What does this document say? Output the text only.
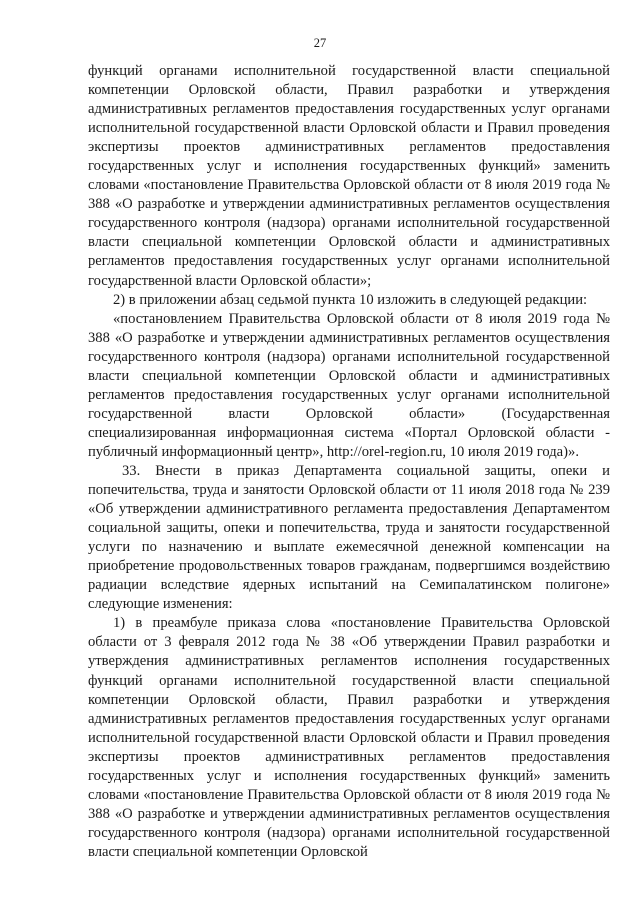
27

функций органами исполнительной государственной власти специальной компетенции Орловской области, Правил разработки и утверждения административных регламентов предоставления государственных услуг органами исполнительной государственной власти Орловской области и Правил проведения экспертизы проектов административных регламентов предоставления государственных услуг и исполнения государственных функций» заменить словами «постановление Правительства Орловской области от 8 июля 2019 года № 388 «О разработке и утверждении административных регламентов осуществления государственного контроля (надзора) органами исполнительной государственной власти специальной компетенции Орловской области и административных регламентов предоставления государственных услуг органами исполнительной государственной власти Орловской области»;

2) в приложении абзац седьмой пункта 10 изложить в следующей редакции:

«постановлением Правительства Орловской области от 8 июля 2019 года № 388 «О разработке и утверждении административных регламентов осуществления государственного контроля (надзора) органами исполнительной государственной власти специальной компетенции Орловской области и административных регламентов предоставления государственных услуг органами исполнительной государственной власти Орловской области» (Государственная специализированная информационная система «Портал Орловской области - публичный информационный центр», http://orel-region.ru, 10 июля 2019 года)».

33. Внести в приказ Департамента социальной защиты, опеки и попечительства, труда и занятости Орловской области от 11 июля 2018 года № 239 «Об утверждении административного регламента предоставления Департаментом социальной защиты, опеки и попечительства, труда и занятости государственной услуги по назначению и выплате ежемесячной денежной компенсации на приобретение продовольственных товаров гражданам, подвергшимся воздействию радиации вследствие ядерных испытаний на Семипалатинском полигоне» следующие изменения:

1) в преамбуле приказа слова «постановление Правительства Орловской области от 3 февраля 2012 года № 38 «Об утверждении Правил разработки и утверждения административных регламентов исполнения государственных функций органами исполнительной государственной власти специальной компетенции Орловской области, Правил разработки и утверждения административных регламентов предоставления государственных услуг органами исполнительной государственной власти Орловской области и Правил проведения экспертизы проектов административных регламентов предоставления государственных услуг и исполнения государственных функций» заменить словами «постановление Правительства Орловской области от 8 июля 2019 года № 388 «О разработке и утверждении административных регламентов осуществления государственного контроля (надзора) органами исполнительной государственной власти специальной компетенции Орловской
